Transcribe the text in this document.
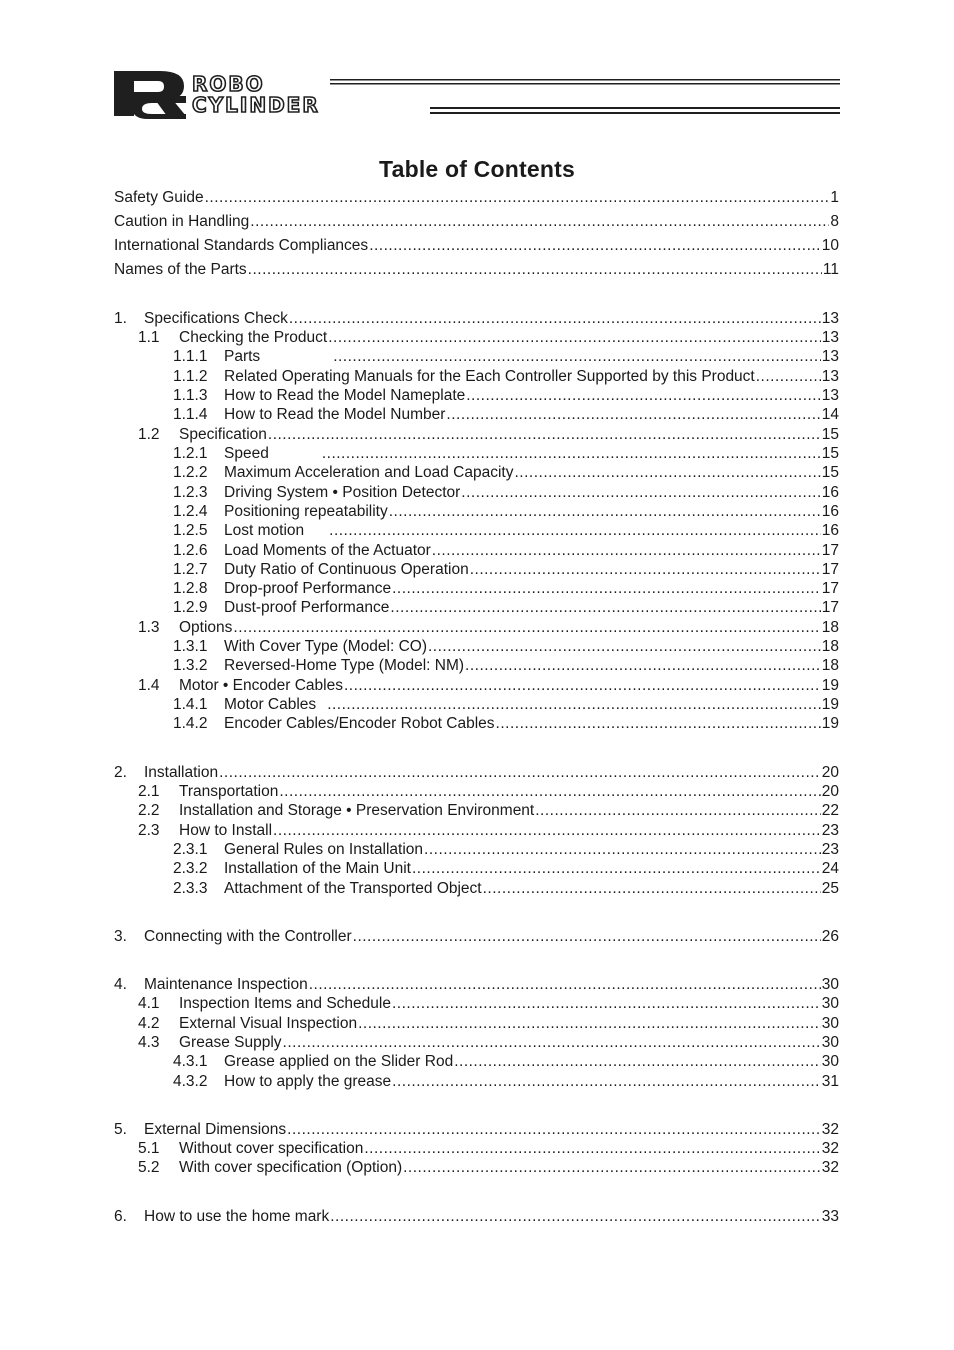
ROBO
CYLINDER
Table of Contents
Safety Guide .....	1
Caution in Handling .....	8
International Standards Compliances .....	10
Names of the Parts .....	11
1.	Specifications Check .....	13
1.1	Checking the Product .....	13
1.1.1	Parts .....	13
1.1.2	Related Operating Manuals for the Each Controller Supported by this Product .....	13
1.1.3	How to Read the Model Nameplate .....	13
1.1.4	How to Read the Model Number .....	14
1.2	Specification .....	15
1.2.1	Speed .....	15
1.2.2	Maximum Acceleration and Load Capacity .....	15
1.2.3	Driving System • Position Detector .....	16
1.2.4	Positioning repeatability .....	16
1.2.5	Lost motion .....	16
1.2.6	Load Moments of the Actuator .....	17
1.2.7	Duty Ratio of Continuous Operation .....	17
1.2.8	Drop-proof Performance .....	17
1.2.9	Dust-proof Performance .....	17
1.3	Options .....	18
1.3.1	With Cover Type (Model: CO) .....	18
1.3.2	Reversed-Home Type (Model: NM) .....	18
1.4	Motor • Encoder Cables .....	19
1.4.1	Motor Cables .....	19
1.4.2	Encoder Cables/Encoder Robot Cables .....	19
2.	Installation .....	20
2.1	Transportation .....	20
2.2	Installation and Storage • Preservation Environment .....	22
2.3	How to Install .....	23
2.3.1	General Rules on Installation .....	23
2.3.2	Installation of the Main Unit .....	24
2.3.3	Attachment of the Transported Object .....	25
3.	Connecting with the Controller .....	26
4.	Maintenance Inspection .....	30
4.1	Inspection Items and Schedule .....	30
4.2	External Visual Inspection .....	30
4.3	Grease Supply .....	30
4.3.1	Grease applied on the Slider Rod .....	30
4.3.2	How to apply the grease .....	31
5.	External Dimensions .....	32
5.1	Without cover specification .....	32
5.2	With cover specification (Option) .....	32
6.	How to use the home mark .....	33
